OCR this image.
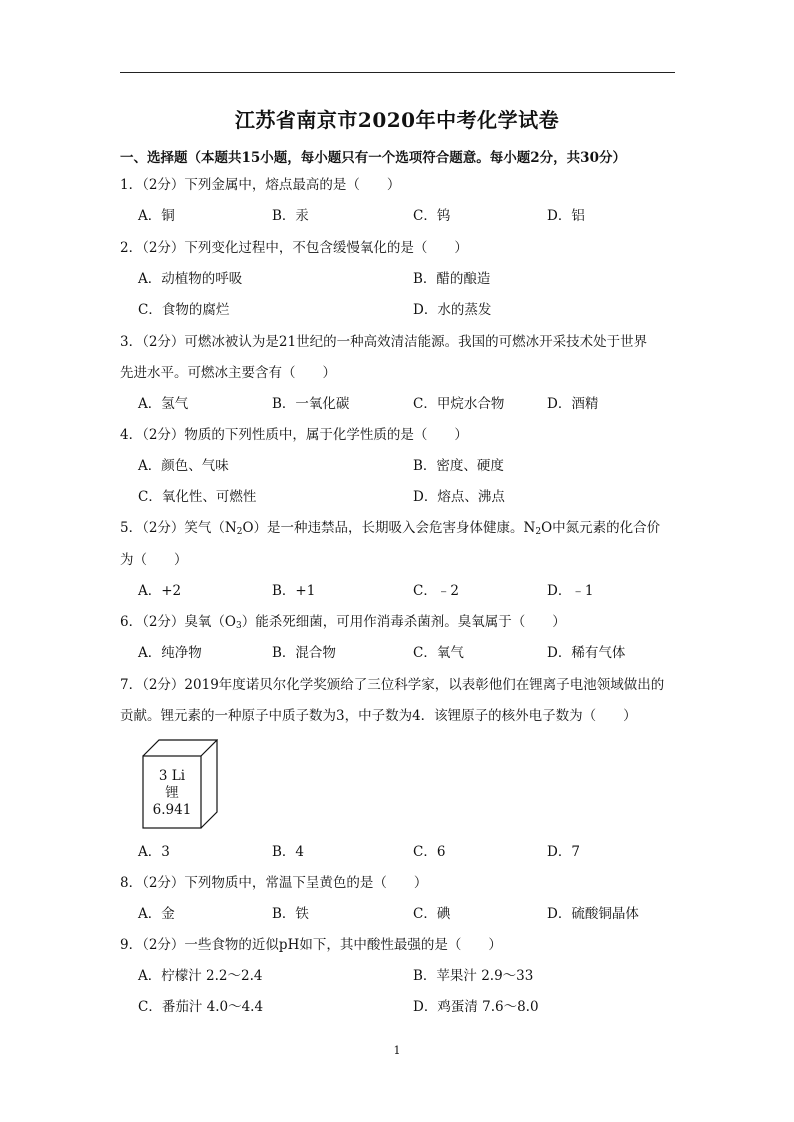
江苏省南京市2020年中考化学试卷
一、选择题（本题共15小题，每小题只有一个选项符合题意。每小题2分，共30分）
1．（2分）下列金属中，熔点最高的是（　　）
A．铜	B．汞	C．钨	D．铝
2．（2分）下列变化过程中，不包含缓慢氧化的是（　　）
A．动植物的呼吸	B．醋的酿造
C．食物的腐烂	D．水的蒸发
3．（2分）可燃冰被认为是21世纪的一种高效清洁能源。我国的可燃冰开采技术处于世界
先进水平。可燃冰主要含有（　　）
A．氢气	B．一氧化碳	C．甲烷水合物	D．酒精
4．（2分）物质的下列性质中，属于化学性质的是（　　）
A．颜色、气味	B．密度、硬度
C．氧化性、可燃性	D．熔点、沸点
5．（2分）笑气$(N_2O)$是一种违禁品，长期吸入会危害身体健康。$N_2O$中氮元素的化合价
为（　　）
A．+2	B．+1	C．﹣2	D．﹣1
6．（2分）臭氧$(O_3)$能杀死细菌，可用作消毒杀菌剂。臭氧属于（　　）
A．纯净物	B．混合物	C．氧气	D．稀有气体
7．（2分）2019年度诺贝尔化学奖颁给了三位科学家，以表彰他们在锂离子电池领域做出的
贡献。锂元素的一种原子中质子数为3，中子数为4．该锂原子的核外电子数为（　　）
3 Li
锂
6.941
A．3	B．4	C．6	D．7
8．（2分）下列物质中，常温下呈黄色的是（　　）
A．金	B．铁	C．碘	D．硫酸铜晶体
9．（2分）一些食物的近似pH如下，其中酸性最强的是（　　）
A．柠檬汁 2.2～2.4	B．苹果汁 2.9～33
C．番茄汁 4.0～4.4	D．鸡蛋清 7.6～8.0
1
